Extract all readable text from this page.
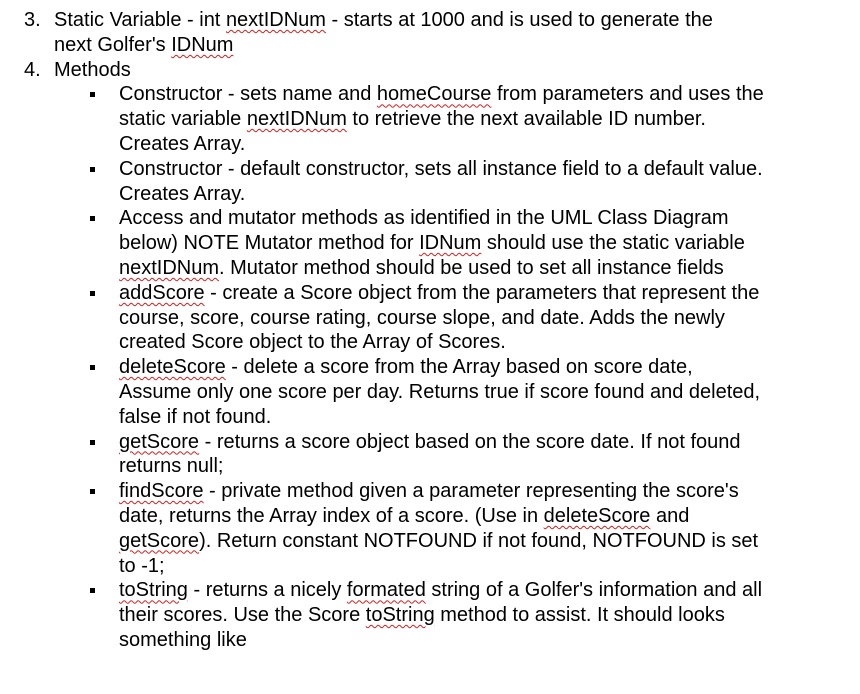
3. Static Variable - int nextIDNum - starts at 1000 and is used to generate the next Golfer's IDNum
4. Methods
Constructor - sets name and homeCourse from parameters and uses the static variable nextIDNum to retrieve the next available ID number. Creates Array.
Constructor - default constructor, sets all instance field to a default value. Creates Array.
Access and mutator methods as identified in the UML Class Diagram below) NOTE Mutator method for IDNum should use the static variable nextIDNum. Mutator method should be used to set all instance fields
addScore - create a Score object from the parameters that represent the course, score, course rating, course slope, and date. Adds the newly created Score object to the Array of Scores.
deleteScore - delete a score from the Array based on score date, Assume only one score per day. Returns true if score found and deleted, false if not found.
getScore - returns a score object based on the score date. If not found returns null;
findScore - private method given a parameter representing the score's date, returns the Array index of a score. (Use in deleteScore and getScore). Return constant NOTFOUND if not found, NOTFOUND is set to -1;
toString - returns a nicely formated string of a Golfer's information and all their scores. Use the Score toString method to assist. It should looks something like
